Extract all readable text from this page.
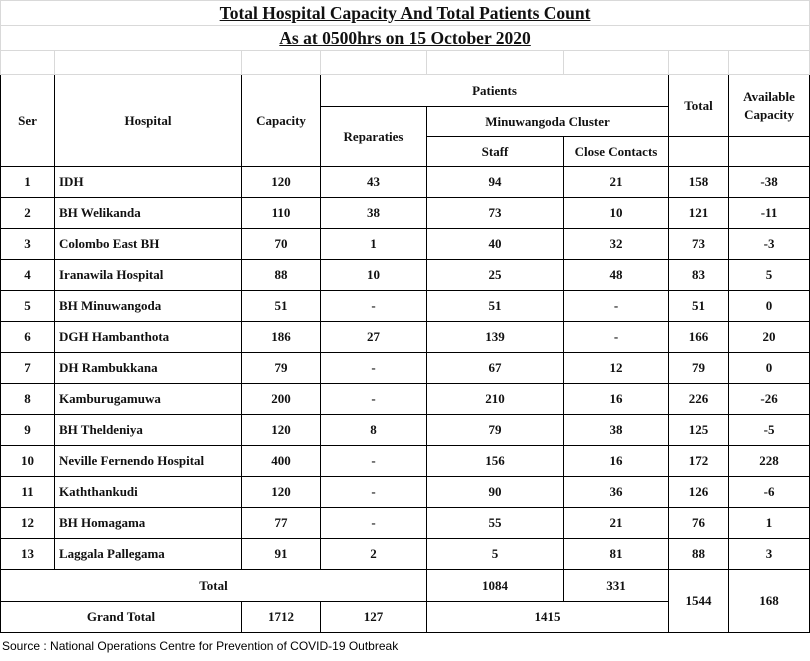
Total Hospital Capacity And Total Patients Count							
As at 0500hrs on 15 October 2020							

Ser	Hospital	Capacity	Patients			Total	Available Capacity
			Reparaties	Minuwangoda Cluster			
				Staff	Close Contacts		
1	IDH	120	43	94	21	158	-38
2	BH Welikanda	110	38	73	10	121	-11
3	Colombo East BH	70	1	40	32	73	-3
4	Iranawila Hospital	88	10	25	48	83	5
5	BH Minuwangoda	51	-	51	-	51	0
6	DGH Hambanthota	186	27	139	-	166	20
7	DH Rambukkana	79	-	67	12	79	0
8	Kamburugamuwa	200	-	210	16	226	-26
9	BH Theldeniya	120	8	79	38	125	-5
10	Neville Fernendo Hospital	400	-	156	16	172	228
11	Kaththankudi	120	-	90	36	126	-6
12	BH Homagama	77	-	55	21	76	1
13	Laggala Pallegama	91	2	5	81	88	3
Total				1084	331	1544	168
Grand Total		1712	127	1415			
Source : National Operations Centre for Prevention of COVID-19 Outbreak
